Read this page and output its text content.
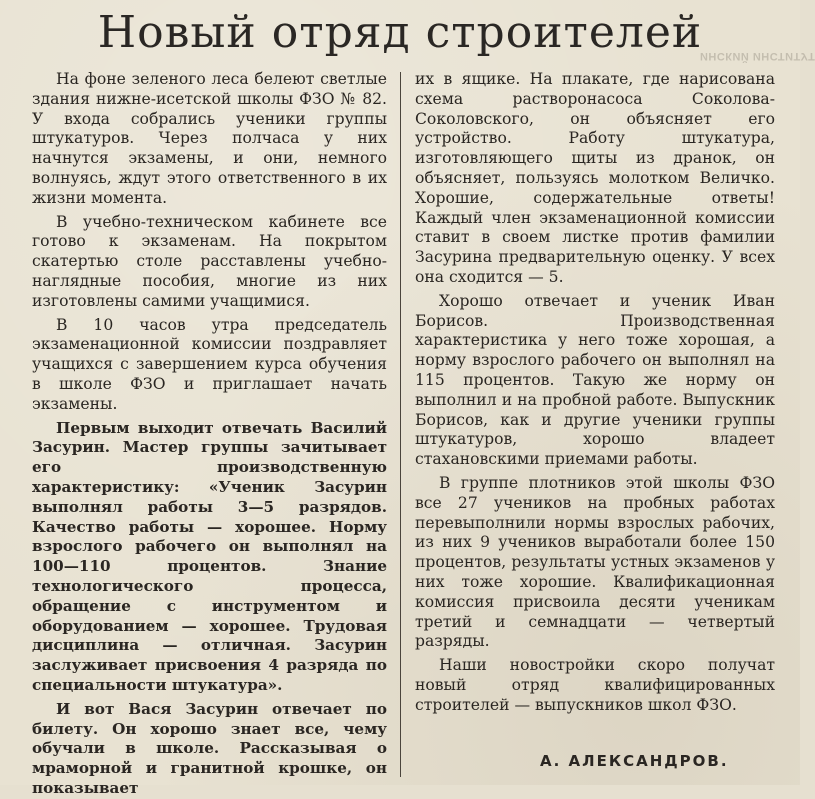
ИНСКИЙ ИНСТИТУТ
Новый отряд строителей

На фоне зеленого леса белеют светлые здания нижне-исетской школы ФЗО № 82. У входа собрались ученики группы штукатуров. Через полчаса у них начнутся экзамены, и они, немного волнуясь, ждут этого ответственного в их жизни момента.

В учебно-техническом кабинете все готово к экзаменам. На покрытом скатертью столе расставлены учебно-наглядные пособия, многие из них изготовлены самими учащимися.

В 10 часов утра председатель экзаменационной комиссии поздравляет учащихся с завершением курса обучения в школе ФЗО и приглашает начать экзамены.

Первым выходит отвечать Василий Засурин. Мастер группы зачитывает его производственную характеристику: «Ученик Засурин выполнял работы 3—5 разрядов. Качество работы — хорошее. Норму взрослого рабочего он выполнял на 100—110 процентов. Знание технологического процесса, обращение с инструментом и оборудованием — хорошее. Трудовая дисциплина — отличная. Засурин заслуживает присвоения 4 разряда по специальности штукатура».

И вот Вася Засурин отвечает по билету. Он хорошо знает все, чему обучали в школе. Рассказывая о мраморной и гранитной крошке, он показывает

их в ящике. На плакате, где нарисована схема растворонасоса Соколова-Соколовского, он объясняет его устройство. Работу штукатура, изготовляющего щиты из дранок, он объясняет, пользуясь молотком Величко. Хорошие, содержательные ответы! Каждый член экзаменационной комиссии ставит в своем листке против фамилии Засурина предварительную оценку. У всех она сходится — 5.

Хорошо отвечает и ученик Иван Борисов. Производственная характеристика у него тоже хорошая, а норму взрослого рабочего он выполнял на 115 процентов. Такую же норму он выполнил и на пробной работе. Выпускник Борисов, как и другие ученики группы штукатуров, хорошо владеет стахановскими приемами работы.

В группе плотников этой школы ФЗО все 27 учеников на пробных работах перевыполнили нормы взрослых рабочих, из них 9 учеников выработали более 150 процентов, результаты устных экзаменов у них тоже хорошие. Квалификационная комиссия присвоила десяти ученикам третий и семнадцати — четвертый разряды.

Наши новостройки скоро получат новый отряд квалифицированных строителей — выпускников школ ФЗО.

А. АЛЕКСАНДРОВ.
